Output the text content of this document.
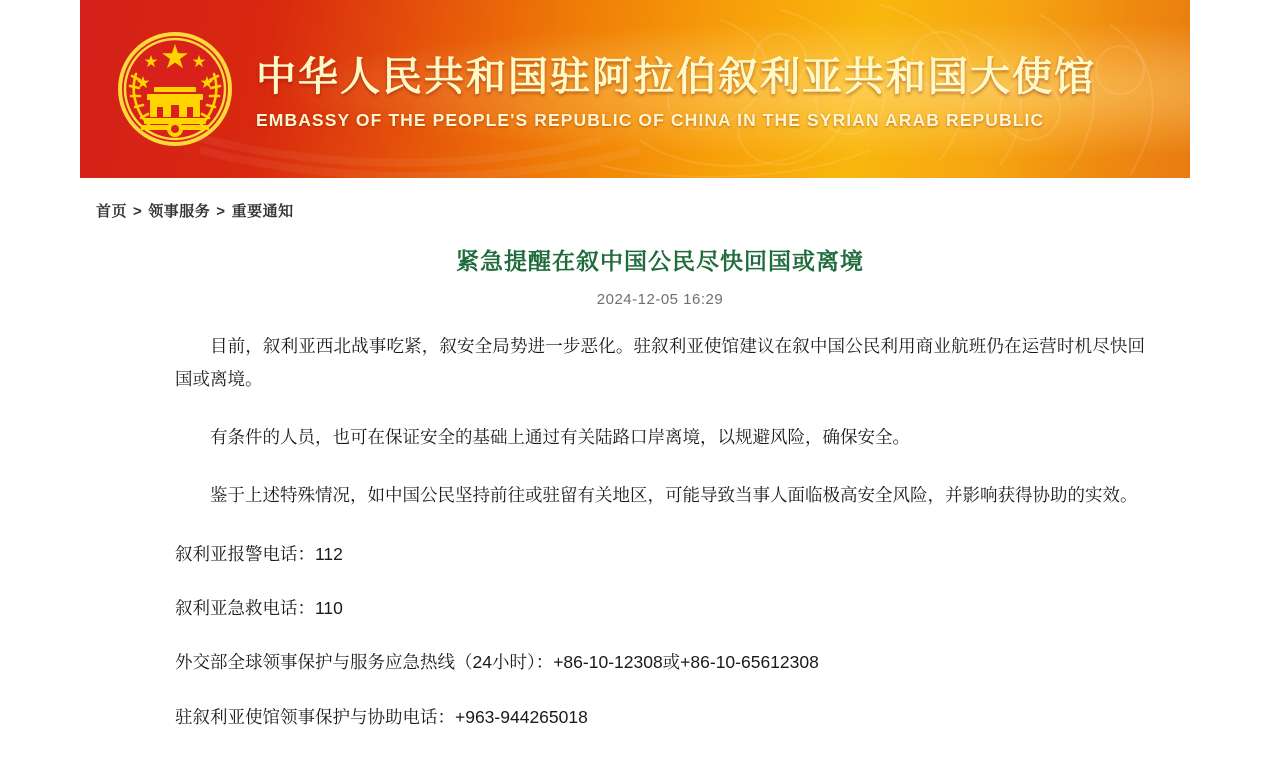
中华人民共和国驻阿拉伯叙利亚共和国大使馆
EMBASSY OF THE PEOPLE'S REPUBLIC OF CHINA IN THE SYRIAN ARAB REPUBLIC
首页 > 领事服务 > 重要通知
紧急提醒在叙中国公民尽快回国或离境
2024-12-05 16:29

目前，叙利亚西北战事吃紧，叙安全局势进一步恶化。驻叙利亚使馆建议在叙中国公民利用商业航班仍在运营时机尽快回国或离境。

有条件的人员，也可在保证安全的基础上通过有关陆路口岸离境，以规避风险，确保安全。

鉴于上述特殊情况，如中国公民坚持前往或驻留有关地区，可能导致当事人面临极高安全风险，并影响获得协助的实效。

叙利亚报警电话：112

叙利亚急救电话：110

外交部全球领事保护与服务应急热线（24小时）：+86-10-12308或+86-10-65612308

驻叙利亚使馆领事保护与协助电话：+963-944265018
